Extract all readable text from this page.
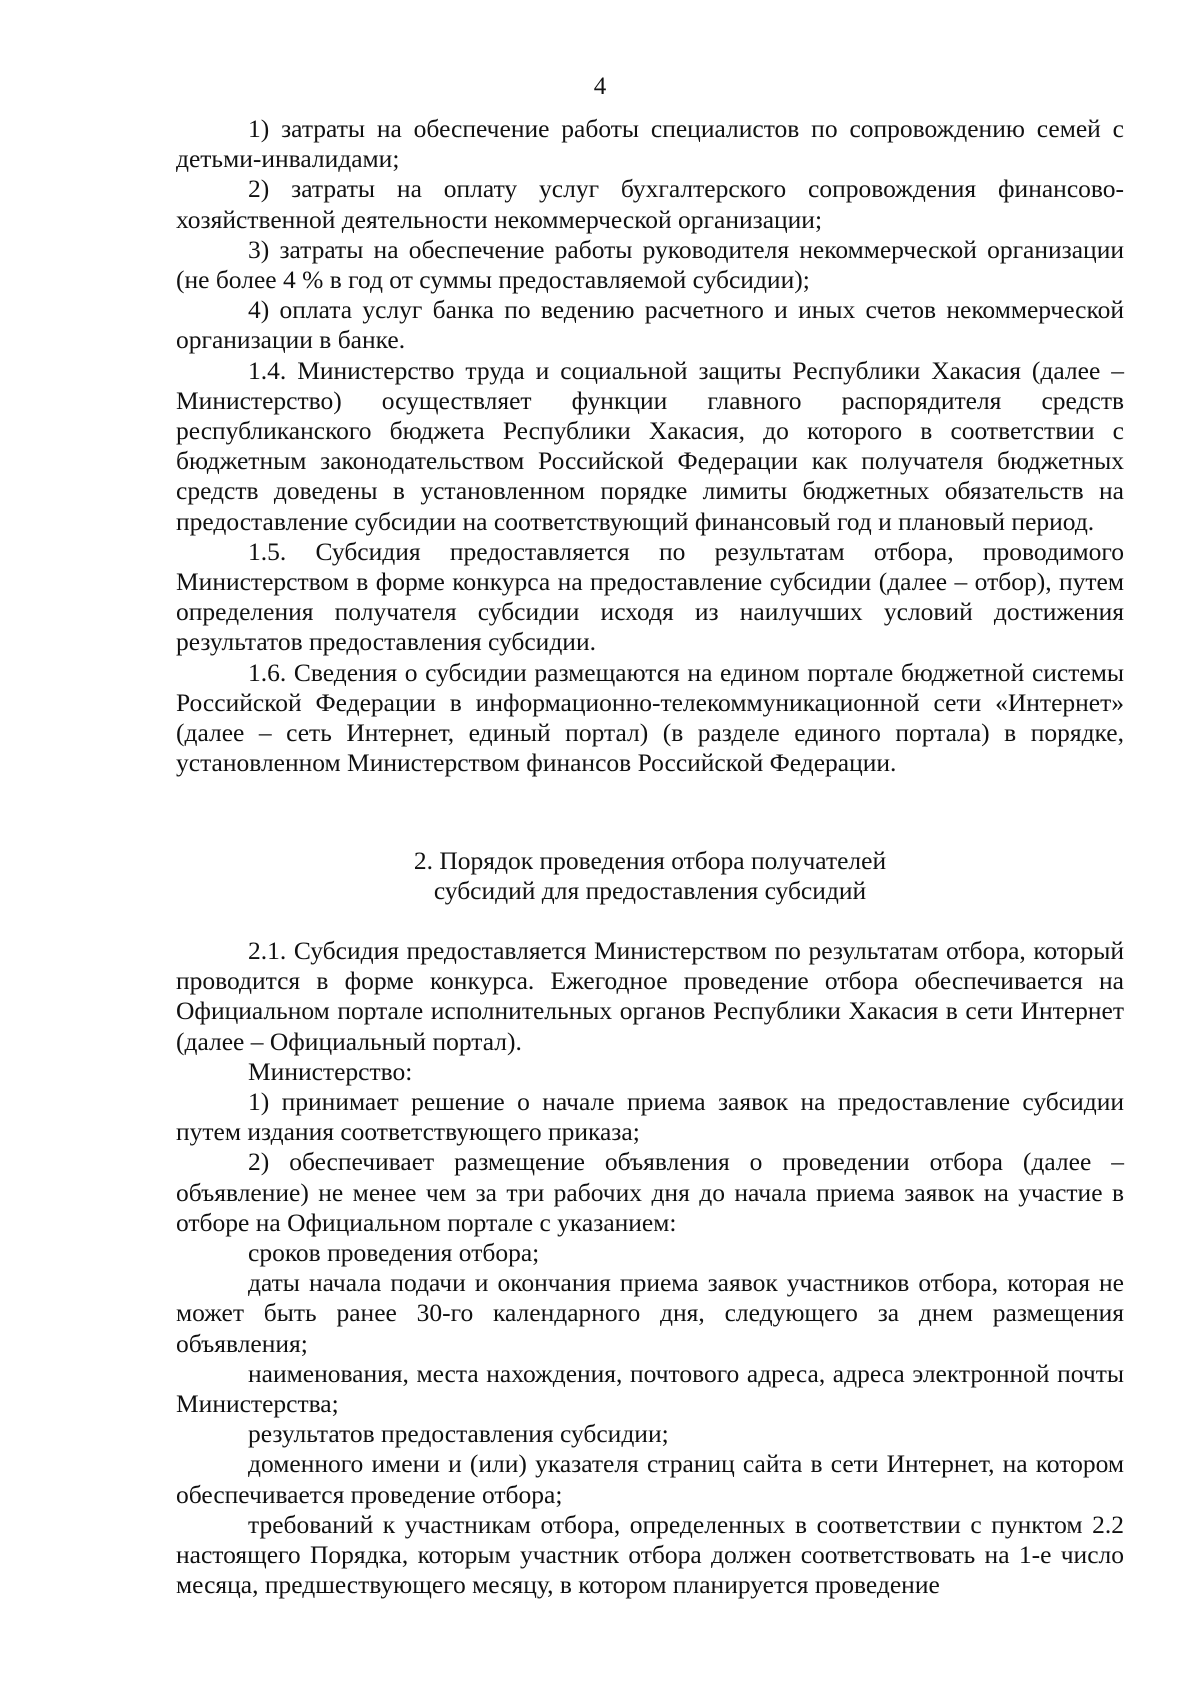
4

1) затраты на обеспечение работы специалистов по сопровождению семей с детьми-инвалидами;

2) затраты на оплату услуг бухгалтерского сопровождения финансово-хозяйственной деятельности некоммерческой организации;

3) затраты на обеспечение работы руководителя некоммерческой организации (не более 4 % в год от суммы предоставляемой субсидии);

4) оплата услуг банка по ведению расчетного и иных счетов некоммерческой организации в банке.

1.4. Министерство труда и социальной защиты Республики Хакасия (далее – Министерство) осуществляет функции главного распорядителя средств республиканского бюджета Республики Хакасия, до которого в соответствии с бюджетным законодательством Российской Федерации как получателя бюджетных средств доведены в установленном порядке лимиты бюджетных обязательств на предоставление субсидии на соответствующий финансовый год и плановый период.

1.5. Субсидия предоставляется по результатам отбора, проводимого Министерством в форме конкурса на предоставление субсидии (далее – отбор), путем определения получателя субсидии исходя из наилучших условий достижения результатов предоставления субсидии.

1.6. Сведения о субсидии размещаются на едином портале бюджетной системы Российской Федерации в информационно-телекоммуникационной сети «Интернет» (далее – сеть Интернет, единый портал) (в разделе единого портала) в порядке, установленном Министерством финансов Российской Федерации.

2. Порядок проведения отбора получателей
субсидий для предоставления субсидий

2.1. Субсидия предоставляется Министерством по результатам отбора, который проводится в форме конкурса. Ежегодное проведение отбора обеспечивается на Официальном портале исполнительных органов Республики Хакасия в сети Интернет (далее – Официальный портал).

Министерство:

1) принимает решение о начале приема заявок на предоставление субсидии путем издания соответствующего приказа;

2) обеспечивает размещение объявления о проведении отбора (далее – объявление) не менее чем за три рабочих дня до начала приема заявок на участие в отборе на Официальном портале с указанием:

сроков проведения отбора;

даты начала подачи и окончания приема заявок участников отбора, которая не может быть ранее 30-го календарного дня, следующего за днем размещения объявления;

наименования, места нахождения, почтового адреса, адреса электронной почты Министерства;

результатов предоставления субсидии;

доменного имени и (или) указателя страниц сайта в сети Интернет, на котором обеспечивается проведение отбора;

требований к участникам отбора, определенных в соответствии с пунктом 2.2 настоящего Порядка, которым участник отбора должен соответствовать на 1-е число месяца, предшествующего месяцу, в котором планируется проведение
